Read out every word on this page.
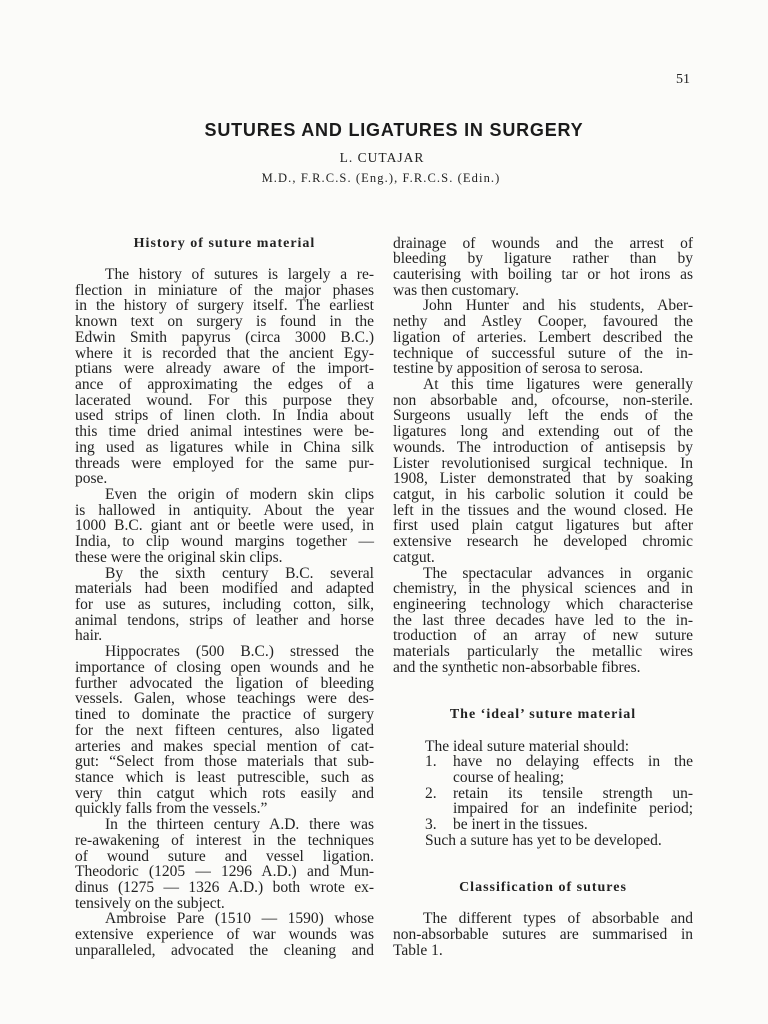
51
SUTURES AND LIGATURES IN SURGERY
L. CUTAJAR
M.D., F.R.C.S. (Eng.), F.R.C.S. (Edin.)
History of suture material
The history of sutures is largely a re-
flection in miniature of the major phases
in the history of surgery itself. The earliest
known text on surgery is found in the
Edwin Smith papyrus (circa 3000 B.C.)
where it is recorded that the ancient Egy-
ptians were already aware of the import-
ance of approximating the edges of a
lacerated wound. For this purpose they
used strips of linen cloth. In India about
this time dried animal intestines were be-
ing used as ligatures while in China silk
threads were employed for the same pur-
pose.
Even the origin of modern skin clips
is hallowed in antiquity. About the year
1000 B.C. giant ant or beetle were used, in
India, to clip wound margins together —
these were the original skin clips.
By the sixth century B.C. several
materials had been modified and adapted
for use as sutures, including cotton, silk,
animal tendons, strips of leather and horse
hair.
Hippocrates (500 B.C.) stressed the
importance of closing open wounds and he
further advocated the ligation of bleeding
vessels. Galen, whose teachings were des-
tined to dominate the practice of surgery
for the next fifteen centures, also ligated
arteries and makes special mention of cat-
gut: “Select from those materials that sub-
stance which is least putrescible, such as
very thin catgut which rots easily and
quickly falls from the vessels.”
In the thirteen century A.D. there was
re-awakening of interest in the techniques
of wound suture and vessel ligation.
Theodoric (1205 — 1296 A.D.) and Mun-
dinus (1275 — 1326 A.D.) both wrote ex-
tensively on the subject.
Ambroise Pare (1510 — 1590) whose
extensive experience of war wounds was
unparalleled, advocated the cleaning and
drainage of wounds and the arrest of
bleeding by ligature rather than by
cauterising with boiling tar or hot irons as
was then customary.
John Hunter and his students, Aber-
nethy and Astley Cooper, favoured the
ligation of arteries. Lembert described the
technique of successful suture of the in-
testine by apposition of serosa to serosa.
At this time ligatures were generally
non absorbable and, ofcourse, non-sterile.
Surgeons usually left the ends of the
ligatures long and extending out of the
wounds. The introduction of antisepsis by
Lister revolutionised surgical technique. In
1908, Lister demonstrated that by soaking
catgut, in his carbolic solution it could be
left in the tissues and the wound closed. He
first used plain catgut ligatures but after
extensive research he developed chromic
catgut.
The spectacular advances in organic
chemistry, in the physical sciences and in
engineering technology which characterise
the last three decades have led to the in-
troduction of an array of new suture
materials particularly the metallic wires
and the synthetic non-absorbable fibres.
The ‘ideal’ suture material
The ideal suture material should:
1.	have no delaying effects in the
course of healing;
2.	retain its tensile strength un-
impaired for an indefinite period;
3.	be inert in the tissues.
Such a suture has yet to be developed.
Classification of sutures
The different types of absorbable and
non-absorbable sutures are summarised in
Table 1.
